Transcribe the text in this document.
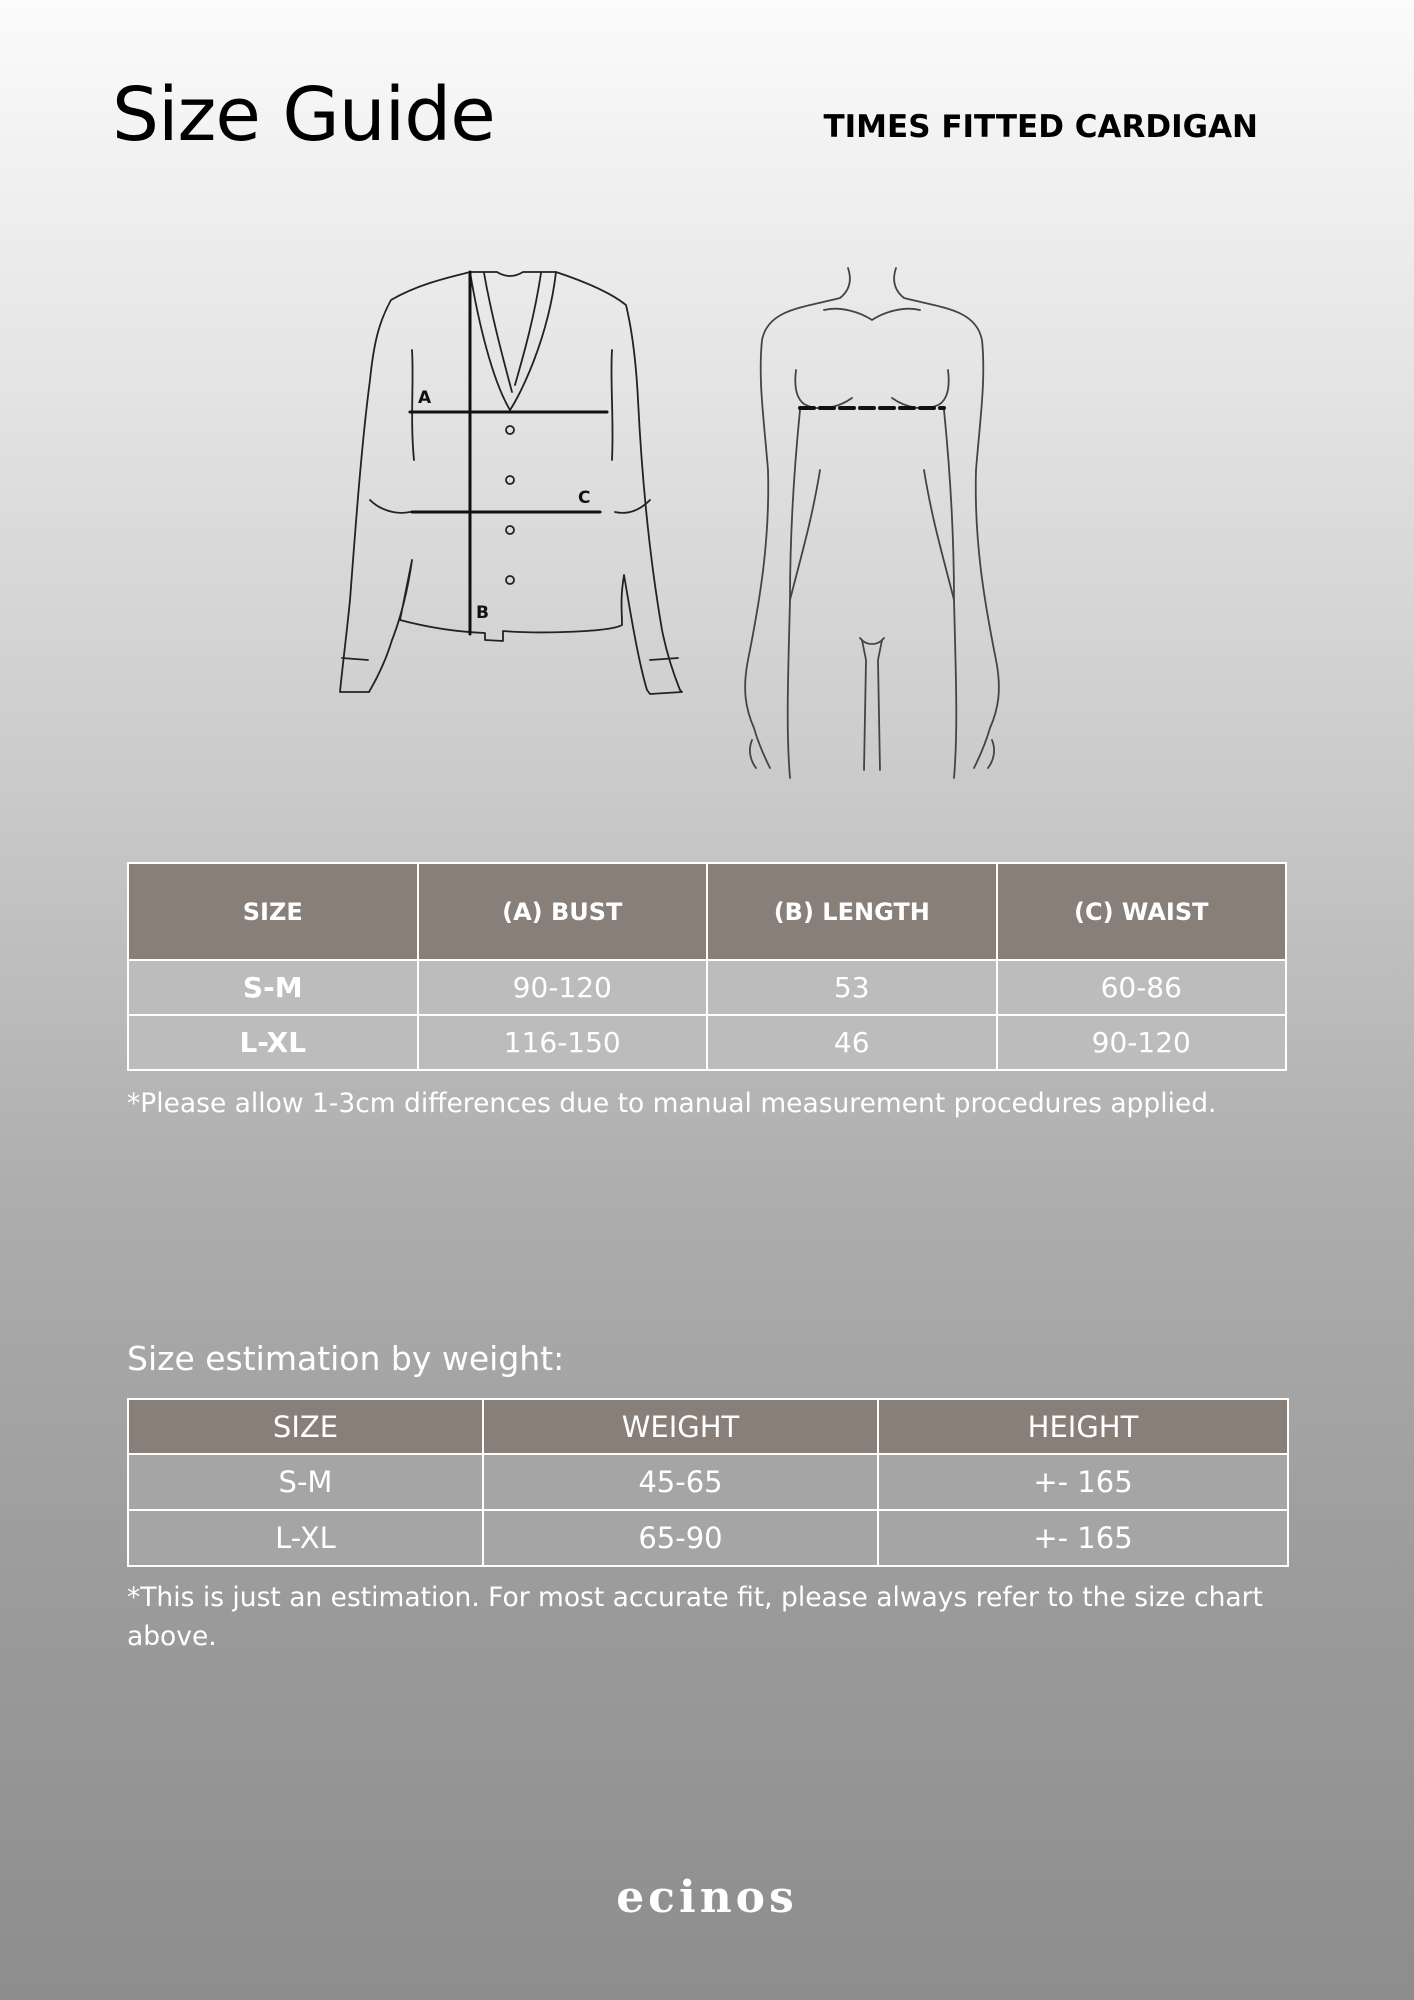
Size Guide	TIMES FITTED CARDIGAN
A
B
C
SIZE	(A) BUST	(B) LENGTH	(C) WAIST
S-M	90-120	53	60-86
L-XL	116-150	46	90-120
*Please allow 1-3cm differences due to manual measurement procedures applied.
Size estimation by weight:
SIZE	WEIGHT	HEIGHT
S-M	45-65	+- 165
L-XL	65-90	+- 165
*This is just an estimation. For most accurate fit, please always refer to the size chart above.
ecinos
